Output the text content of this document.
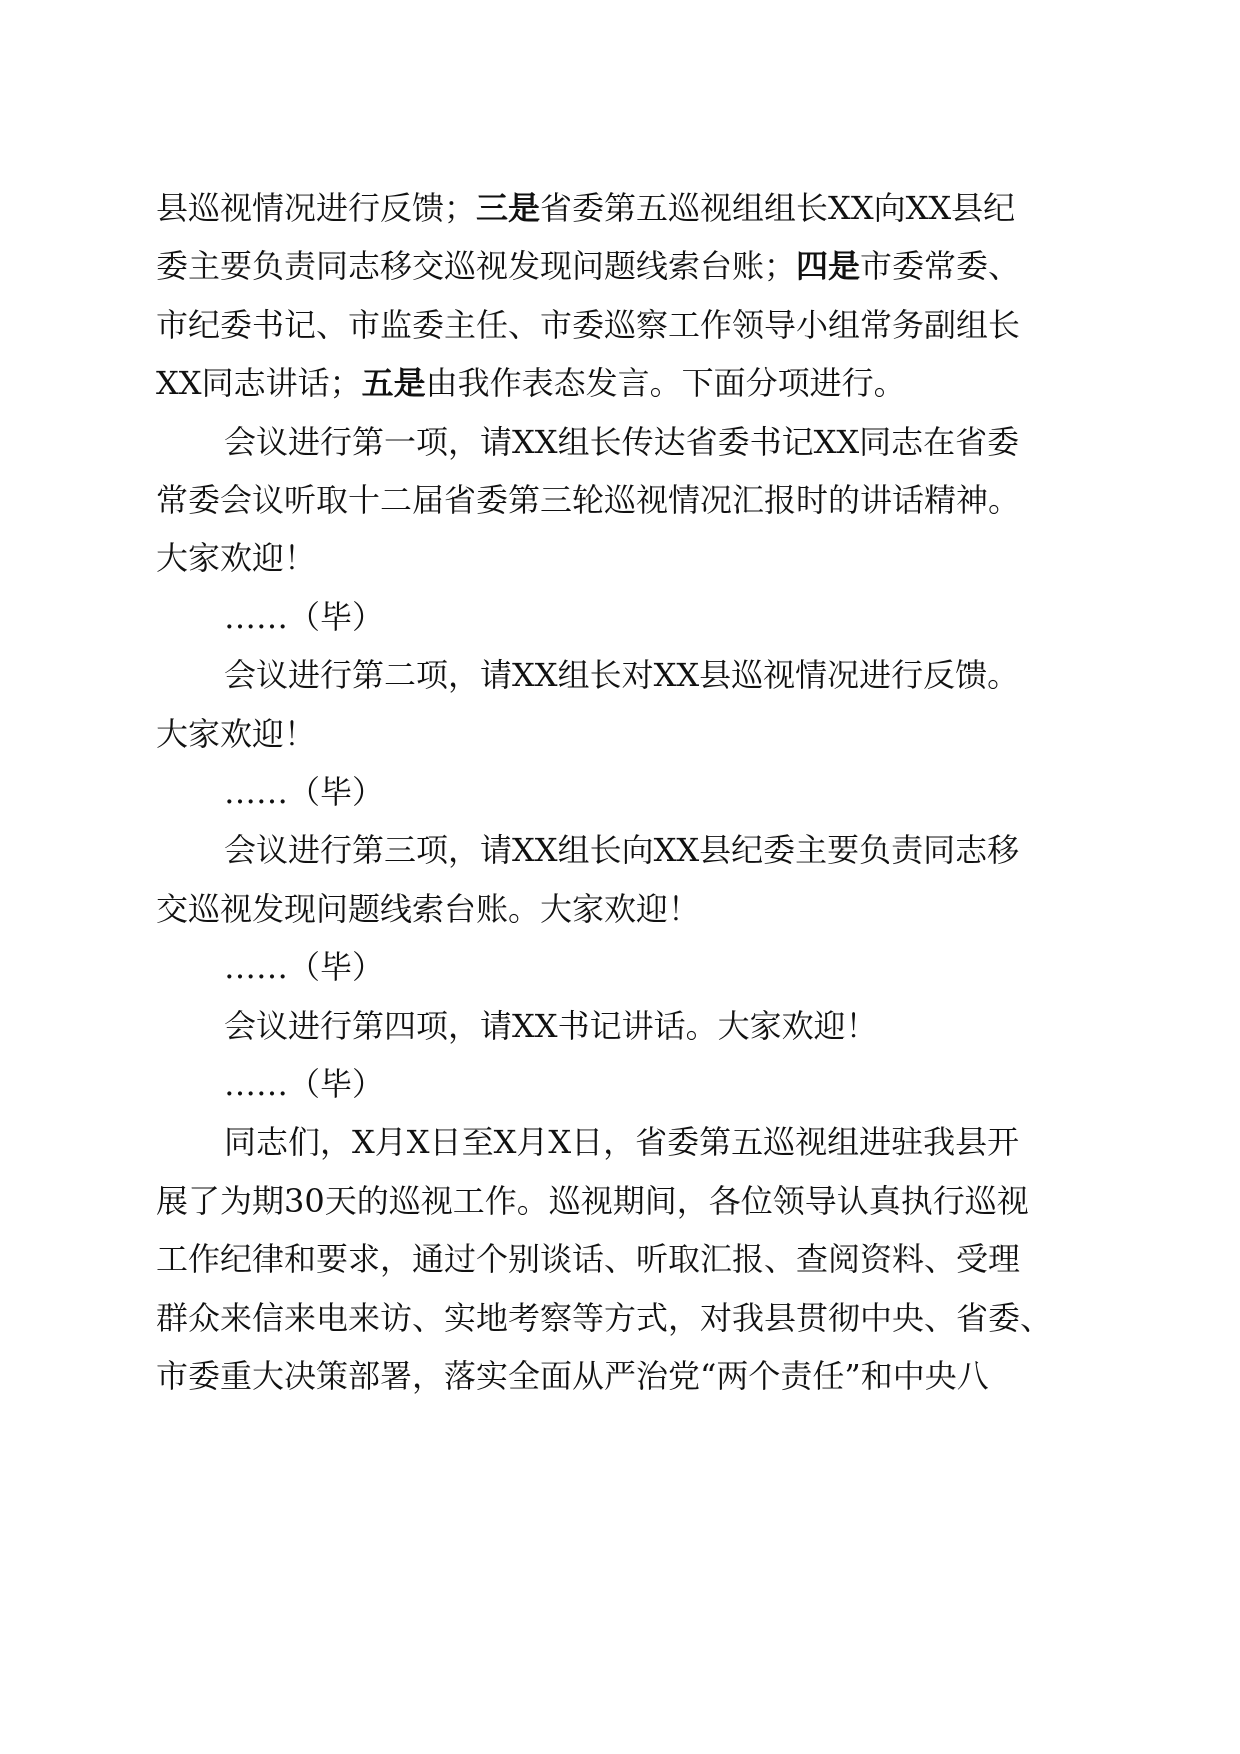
县巡视情况进行反馈；三是省委第五巡视组组长XX向XX县纪
委主要负责同志移交巡视发现问题线索台账；四是市委常委、
市纪委书记、市监委主任、市委巡察工作领导小组常务副组长
XX同志讲话；五是由我作表态发言。下面分项进行。
会议进行第一项，请XX组长传达省委书记XX同志在省委
常委会议听取十二届省委第三轮巡视情况汇报时的讲话精神。
大家欢迎！
……（毕）
会议进行第二项，请XX组长对XX县巡视情况进行反馈。
大家欢迎！
……（毕）
会议进行第三项，请XX组长向XX县纪委主要负责同志移
交巡视发现问题线索台账。大家欢迎！
……（毕）
会议进行第四项，请XX书记讲话。大家欢迎！
……（毕）
同志们，X月X日至X月X日，省委第五巡视组进驻我县开
展了为期30天的巡视工作。巡视期间，各位领导认真执行巡视
工作纪律和要求，通过个别谈话、听取汇报、查阅资料、受理
群众来信来电来访、实地考察等方式，对我县贯彻中央、省委、
市委重大决策部署，落实全面从严治党“两个责任”和中央八
